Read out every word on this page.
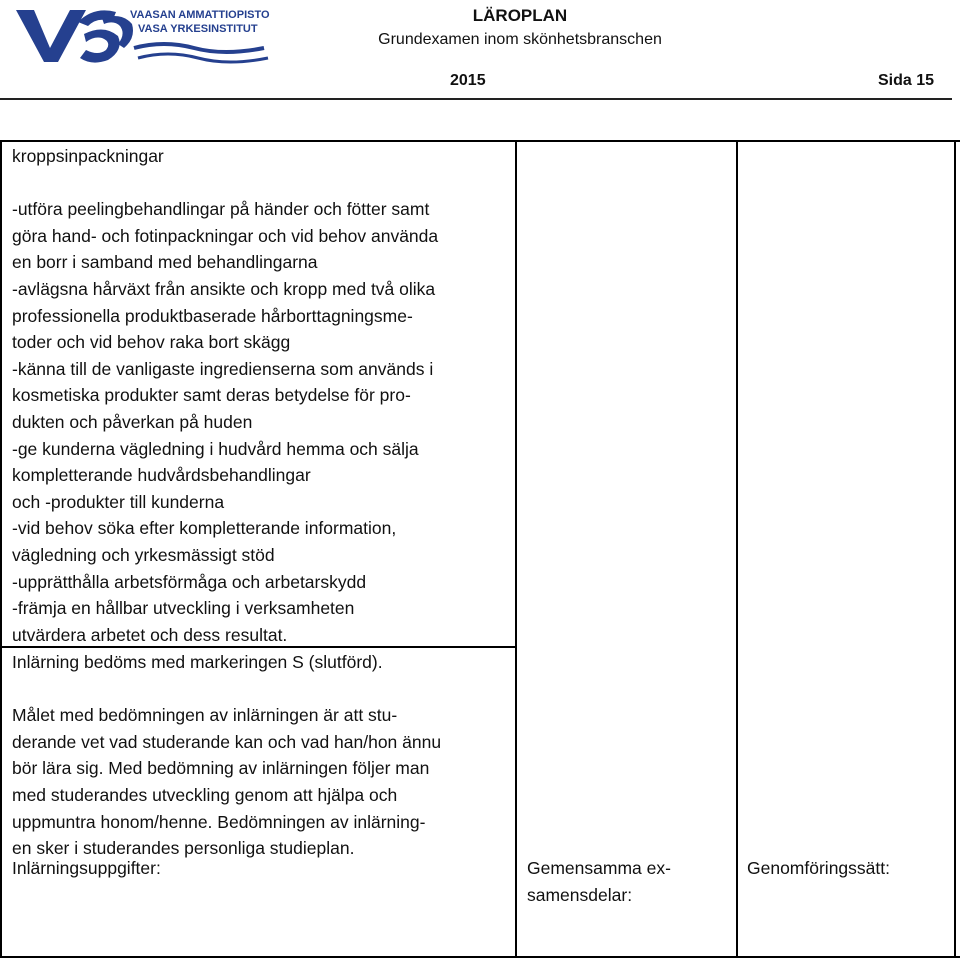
VAASAN AMMATTIOPISTO
VASA YRKESINSTITUT
LÄROPLAN
Grundexamen inom skönhetsbranschen
2015	Sida 15
kroppsinpackningar
-utföra peelingbehandlingar på händer och fötter samt
göra hand- och fotinpackningar och vid behov använda
en borr i samband med behandlingarna
-avlägsna hårväxt från ansikte och kropp med två olika
professionella produktbaserade hårborttagningsme-
toder och vid behov raka bort skägg
-känna till de vanligaste ingredienserna som används i
kosmetiska produkter samt deras betydelse för pro-
dukten och påverkan på huden
-ge kunderna vägledning i hudvård hemma och sälja
kompletterande hudvårdsbehandlingar
och -produkter till kunderna
-vid behov söka efter kompletterande information,
vägledning och yrkesmässigt stöd
-upprätthålla arbetsförmåga och arbetarskydd
-främja en hållbar utveckling i verksamheten
utvärdera arbetet och dess resultat.
Inlärning bedöms med markeringen S (slutförd).
Målet med bedömningen av inlärningen är att stu-
derande vet vad studerande kan och vad han/hon ännu
bör lära sig. Med bedömning av inlärningen följer man
med studerandes utveckling genom att hjälpa och
uppmuntra honom/henne. Bedömningen av inlärning-
en sker i studerandes personliga studieplan.
Inlärningsuppgifter:	Gemensamma ex-
samensdelar:
Genomföringssätt:
